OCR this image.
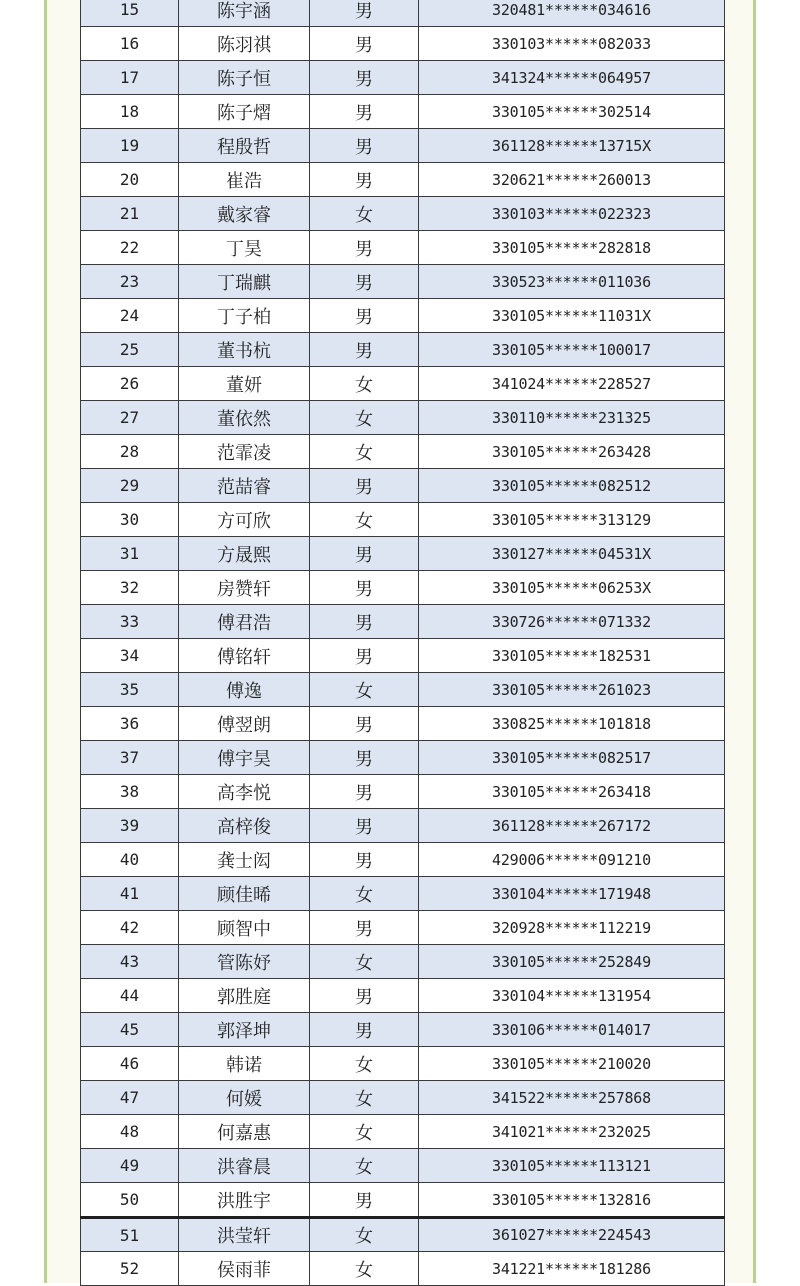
15	陈宇涵	男	320481******034616
16	陈羽祺	男	330103******082033
17	陈子恒	男	341324******064957
18	陈子熠	男	330105******302514
19	程殷哲	男	361128******13715X
20	崔浩	男	320621******260013
21	戴家睿	女	330103******022323
22	丁昊	男	330105******282818
23	丁瑞麒	男	330523******011036
24	丁子柏	男	330105******11031X
25	董书杭	男	330105******100017
26	董妍	女	341024******228527
27	董依然	女	330110******231325
28	范霏凌	女	330105******263428
29	范喆睿	男	330105******082512
30	方可欣	女	330105******313129
31	方晟熙	男	330127******04531X
32	房赞轩	男	330105******06253X
33	傅君浩	男	330726******071332
34	傅铭轩	男	330105******182531
35	傅逸	女	330105******261023
36	傅翌朗	男	330825******101818
37	傅宇昊	男	330105******082517
38	高李悦	男	330105******263418
39	高梓俊	男	361128******267172
40	龚士闳	男	429006******091210
41	顾佳晞	女	330104******171948
42	顾智中	男	320928******112219
43	管陈妤	女	330105******252849
44	郭胜庭	男	330104******131954
45	郭泽坤	男	330106******014017
46	韩诺	女	330105******210020
47	何媛	女	341522******257868
48	何嘉惠	女	341021******232025
49	洪睿晨	女	330105******113121
50	洪胜宇	男	330105******132816
51	洪莹轩	女	361027******224543
52	侯雨菲	女	341221******181286
